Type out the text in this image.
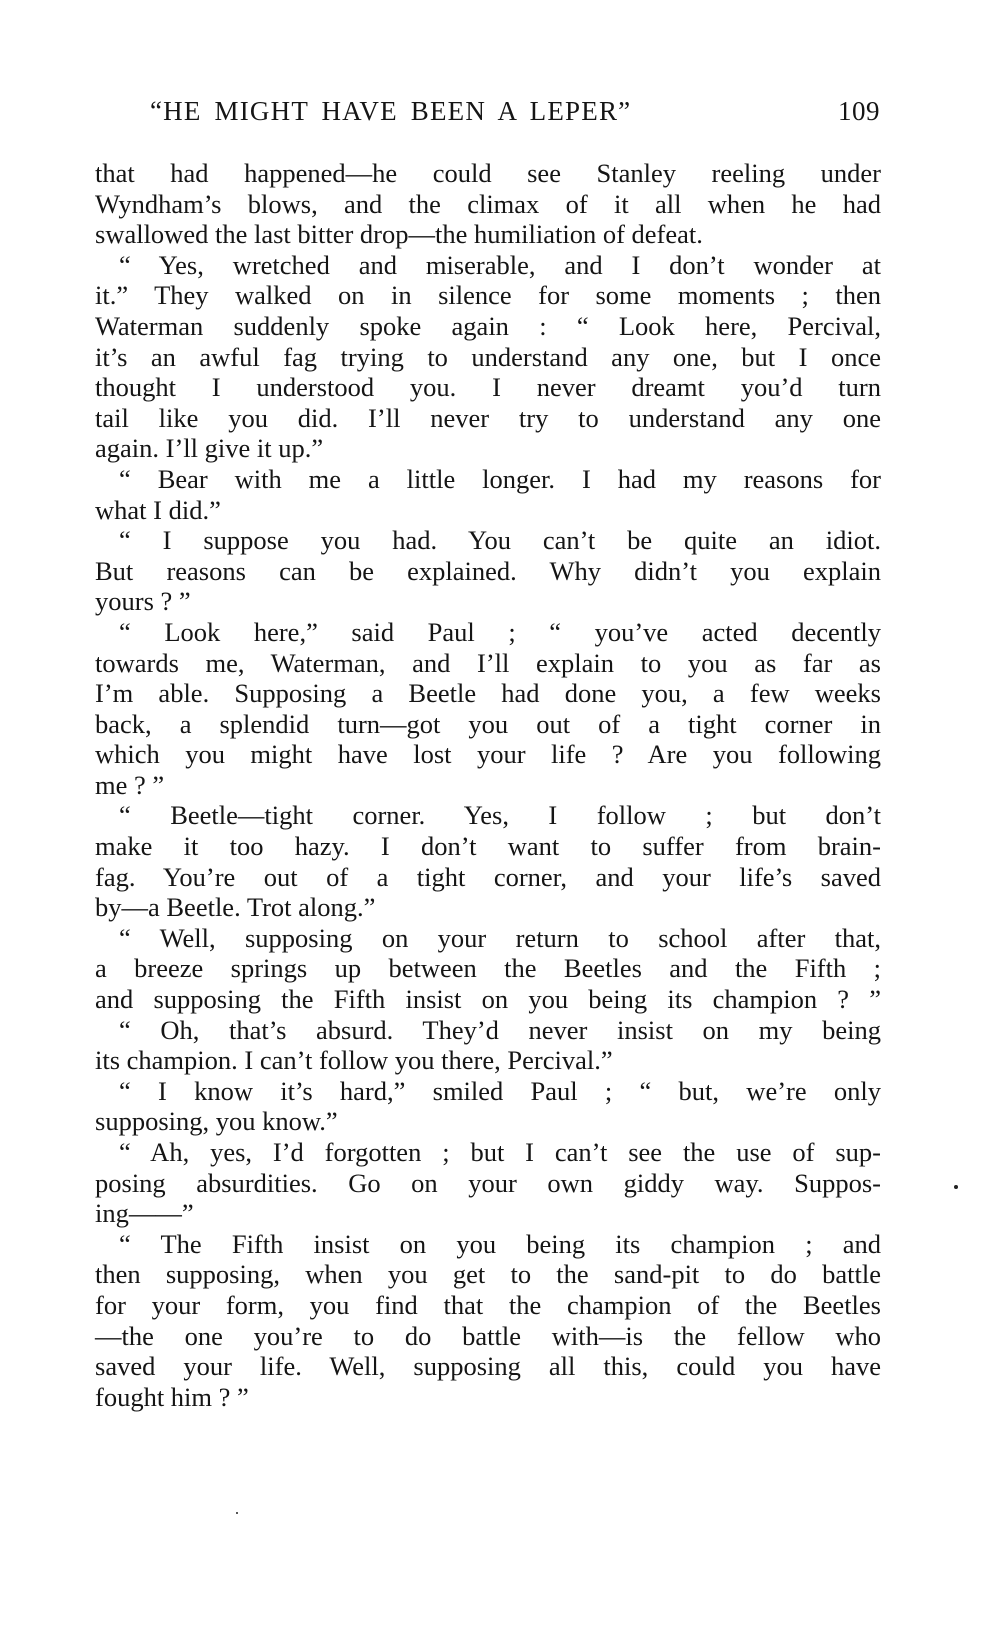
“HE MIGHT HAVE BEEN A LEPER”	109
that had happened—he could see Stanley reeling under
Wyndham’s blows, and the climax of it all when he had
swallowed the last bitter drop—the humiliation of defeat.
“ Yes, wretched and miserable, and I don’t wonder at
it.” They walked on in silence for some moments ; then
Waterman suddenly spoke again : “ Look here, Percival,
it’s an awful fag trying to understand any one, but I once
thought I understood you. I never dreamt you’d turn
tail like you did. I’ll never try to understand any one
again. I’ll give it up.”
“ Bear with me a little longer. I had my reasons for
what I did.”
“ I suppose you had. You can’t be quite an idiot.
But reasons can be explained. Why didn’t you explain
yours ? ”
“ Look here,” said Paul ; “ you’ve acted decently
towards me, Waterman, and I’ll explain to you as far as
I’m able. Supposing a Beetle had done you, a few weeks
back, a splendid turn—got you out of a tight corner in
which you might have lost your life ? Are you following
me ? ”
“ Beetle—tight corner. Yes, I follow ; but don’t
make it too hazy. I don’t want to suffer from brain-
fag. You’re out of a tight corner, and your life’s saved
by—a Beetle. Trot along.”
“ Well, supposing on your return to school after that,
a breeze springs up between the Beetles and the Fifth ;
and supposing the Fifth insist on you being its champion ? ”
“ Oh, that’s absurd. They’d never insist on my being
its champion. I can’t follow you there, Percival.”
“ I know it’s hard,” smiled Paul ; “ but, we’re only
supposing, you know.”
“ Ah, yes, I’d forgotten ; but I can’t see the use of sup-
posing absurdities. Go on your own giddy way. Suppos-
ing——”
“ The Fifth insist on you being its champion ; and
then supposing, when you get to the sand-pit to do battle
for your form, you find that the champion of the Beetles
—the one you’re to do battle with—is the fellow who
saved your life. Well, supposing all this, could you have
fought him ? ”
